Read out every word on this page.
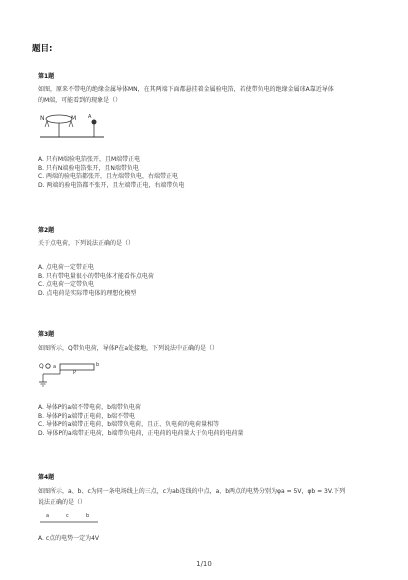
题目:
第1题
如图，原来不带电的绝缘金属导体MN，在其两端下面都悬挂着金属验电箔，若使带负电的绝缘金属球A靠近导体
的M端，可能看到的现象是（）
N	M A
A. 只有M端验电箔张开，且M端带正电
B. 只有N端验电箔张开，且N端带负电
C. 两端的验电箔都张开，且左端带负电，右端带正电
D. 两端的验电箔都不张开，且左端带正电，右端带负电
第2题
关于点电荷，下列说法正确的是（）
A. 点电荷一定带正电
B. 只有带电量很小的带电体才能看作点电荷
C. 点电荷一定带负电
D. 点电荷是实际带电体的理想化模型
第3题
如图所示，Q带负电荷，导体P在a处接地，下列说法中正确的是（）
Q a
P
b
A. 导体P的a端不带电荷，b端带负电荷
B. 导体P的a端带正电荷，b端不带电
C. 导体P的a端带正电荷，b端带负电荷，且正、负电荷的电荷量相等
D. 导体P的a端带正电荷，b端带负电荷，正电荷的电荷量大于负电荷的电荷量
第4题
如图所示，a、b、c为同一条电场线上的三点，c为ab连线的中点，a、b两点的电势分别为φa = 5V，φb = 3V.下列
说法正确的是（）
a	c	b
A. c点的电势一定为4V
1/10
